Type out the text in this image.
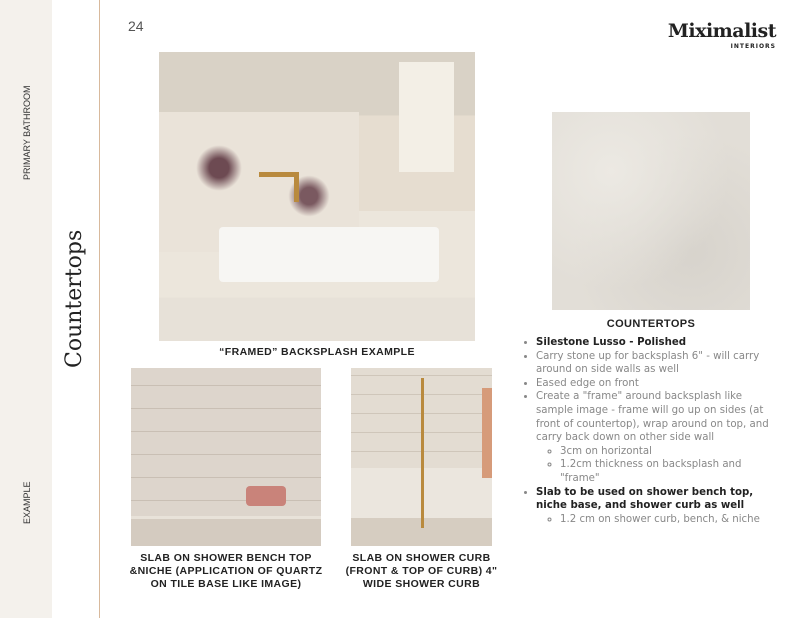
PRIMARY BATHROOM
EXAMPLE
Countertops
24	Miximalist
INTERIORS
“FRAMED” BACKSPLASH EXAMPLE
SLAB ON SHOWER BENCH TOP &NICHE (APPLICATION OF QUARTZ ON TILE BASE LIKE IMAGE)
SLAB ON SHOWER CURB (FRONT & TOP OF CURB) 4" WIDE SHOWER CURB
COUNTERTOPS
• Silestone Lusso - Polished
• Carry stone up for backsplash 6" - will carry around on side walls as well
• Eased edge on front
• Create a "frame" around backsplash like sample image - frame will go up on sides (at front of countertop), wrap around on top, and carry back down on other side wall
◦ 3cm on horizontal
◦ 1.2cm thickness on backsplash and "frame"
• Slab to be used on shower bench top, niche base, and shower curb as well
◦ 1.2 cm on shower curb, bench, & niche
